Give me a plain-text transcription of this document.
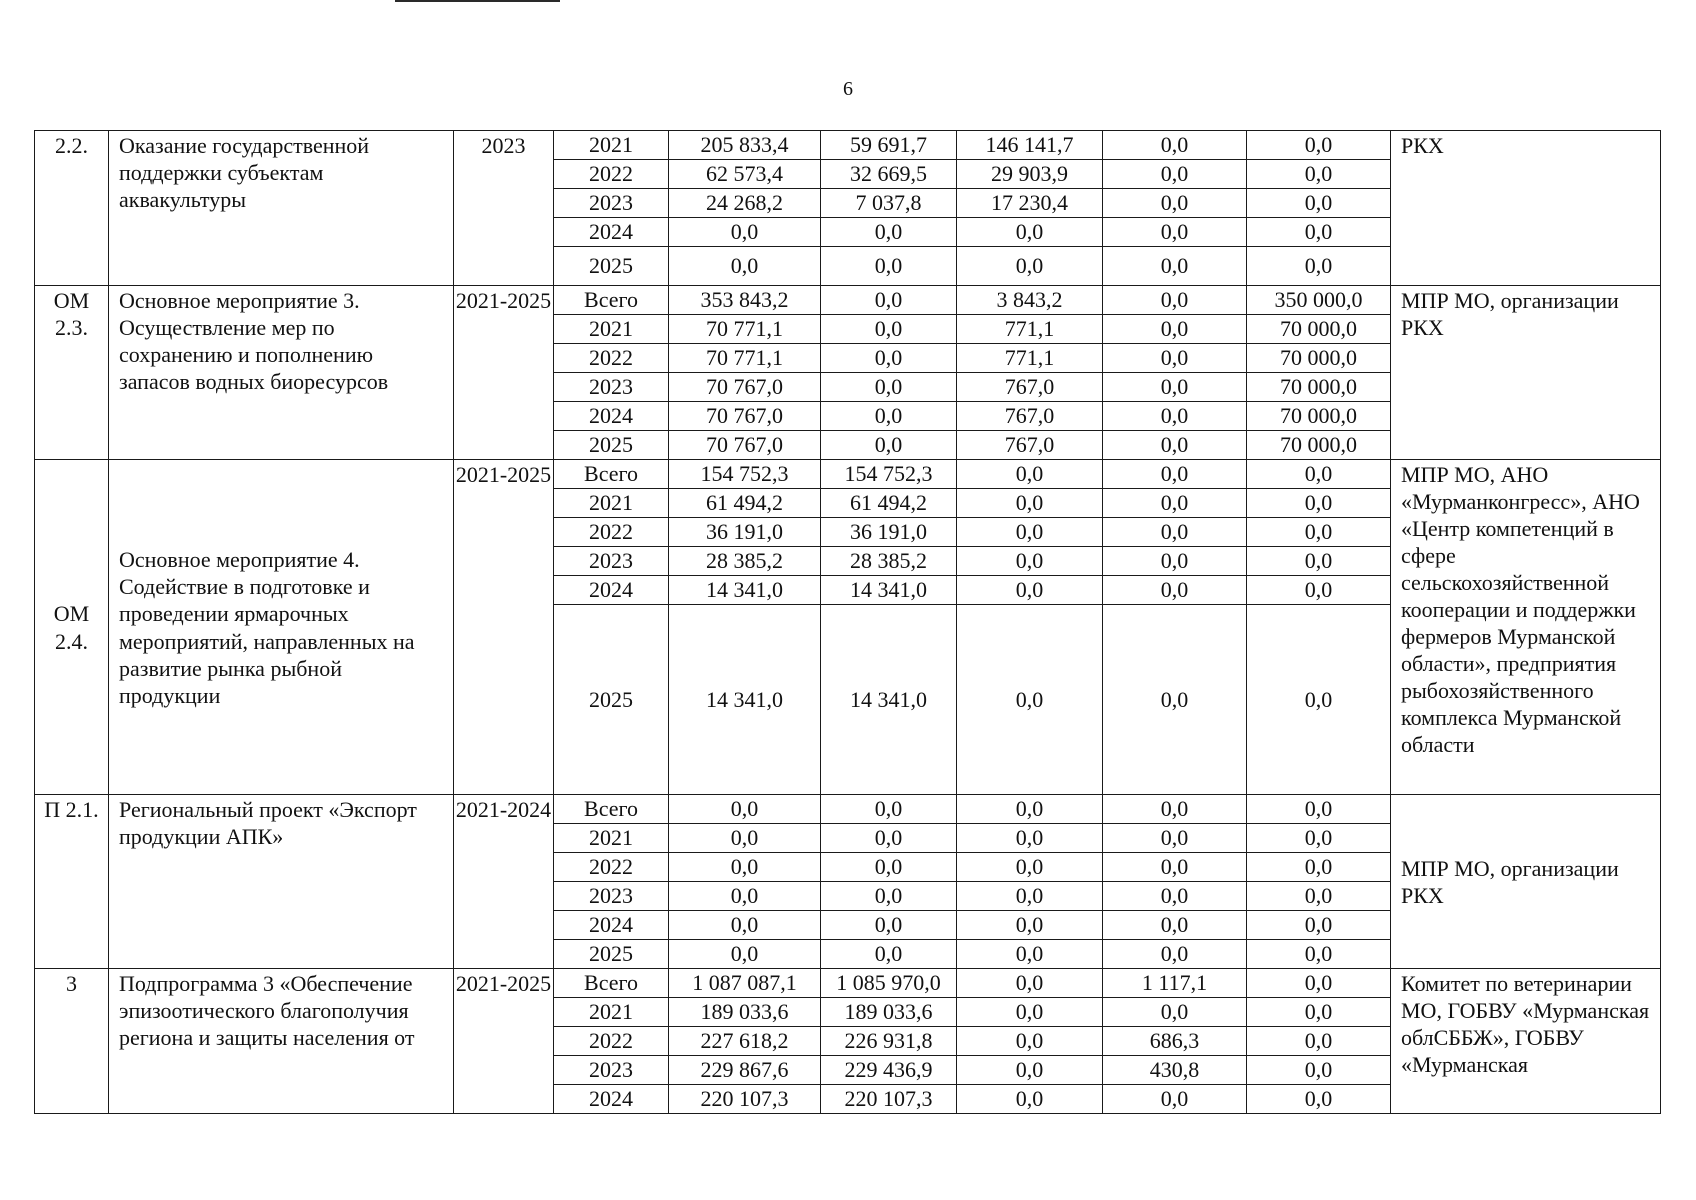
6
2.2.	Оказание государственной поддержки субъектам аквакультуры	2023	2021	205 833,4	59 691,7	146 141,7	0,0	0,0	РКХ
			2022	62 573,4	32 669,5	29 903,9	0,0	0,0	
			2023	24 268,2	7 037,8	17 230,4	0,0	0,0	
			2024	0,0	0,0	0,0	0,0	0,0	
			2025	0,0	0,0	0,0	0,0	0,0	
ОМ 2.3.	Основное мероприятие 3. Осуществление мер по сохранению и пополнению запасов водных биоресурсов	2021-2025	Всего	353 843,2	0,0	3 843,2	0,0	350 000,0	МПР МО, организации РКХ
			2021	70 771,1	0,0	771,1	0,0	70 000,0	
			2022	70 771,1	0,0	771,1	0,0	70 000,0	
			2023	70 767,0	0,0	767,0	0,0	70 000,0	
			2024	70 767,0	0,0	767,0	0,0	70 000,0	
			2025	70 767,0	0,0	767,0	0,0	70 000,0	
ОМ 2.4.	Основное мероприятие 4. Содействие в подготовке и проведении ярмарочных мероприятий, направленных на развитие рынка рыбной продукции	2021-2025	Всего	154 752,3	154 752,3	0,0	0,0	0,0	МПР МО, АНО «Мурманконгресс», АНО «Центр компетенций в сфере сельскохозяйственной кооперации и поддержки фермеров Мурманской области», предприятия рыбохозяйственного комплекса Мурманской области
			2021	61 494,2	61 494,2	0,0	0,0	0,0	
			2022	36 191,0	36 191,0	0,0	0,0	0,0	
			2023	28 385,2	28 385,2	0,0	0,0	0,0	
			2024	14 341,0	14 341,0	0,0	0,0	0,0	
			2025	14 341,0	14 341,0	0,0	0,0	0,0	
П 2.1.	Региональный проект «Экспорт продукции АПК»	2021-2024	Всего	0,0	0,0	0,0	0,0	0,0	МПР МО, организации РКХ
			2021	0,0	0,0	0,0	0,0	0,0	
			2022	0,0	0,0	0,0	0,0	0,0	
			2023	0,0	0,0	0,0	0,0	0,0	
			2024	0,0	0,0	0,0	0,0	0,0	
			2025	0,0	0,0	0,0	0,0	0,0	
3	Подпрограмма 3 «Обеспечение эпизоотического благополучия региона и защиты населения от	2021-2025	Всего	1 087 087,1	1 085 970,0	0,0	1 117,1	0,0	Комитет по ветеринарии МО, ГОБВУ «Мурманская облСББЖ», ГОБВУ «Мурманская
			2021	189 033,6	189 033,6	0,0	0,0	0,0	
			2022	227 618,2	226 931,8	0,0	686,3	0,0	
			2023	229 867,6	229 436,9	0,0	430,8	0,0	
			2024	220 107,3	220 107,3	0,0	0,0	0,0	
